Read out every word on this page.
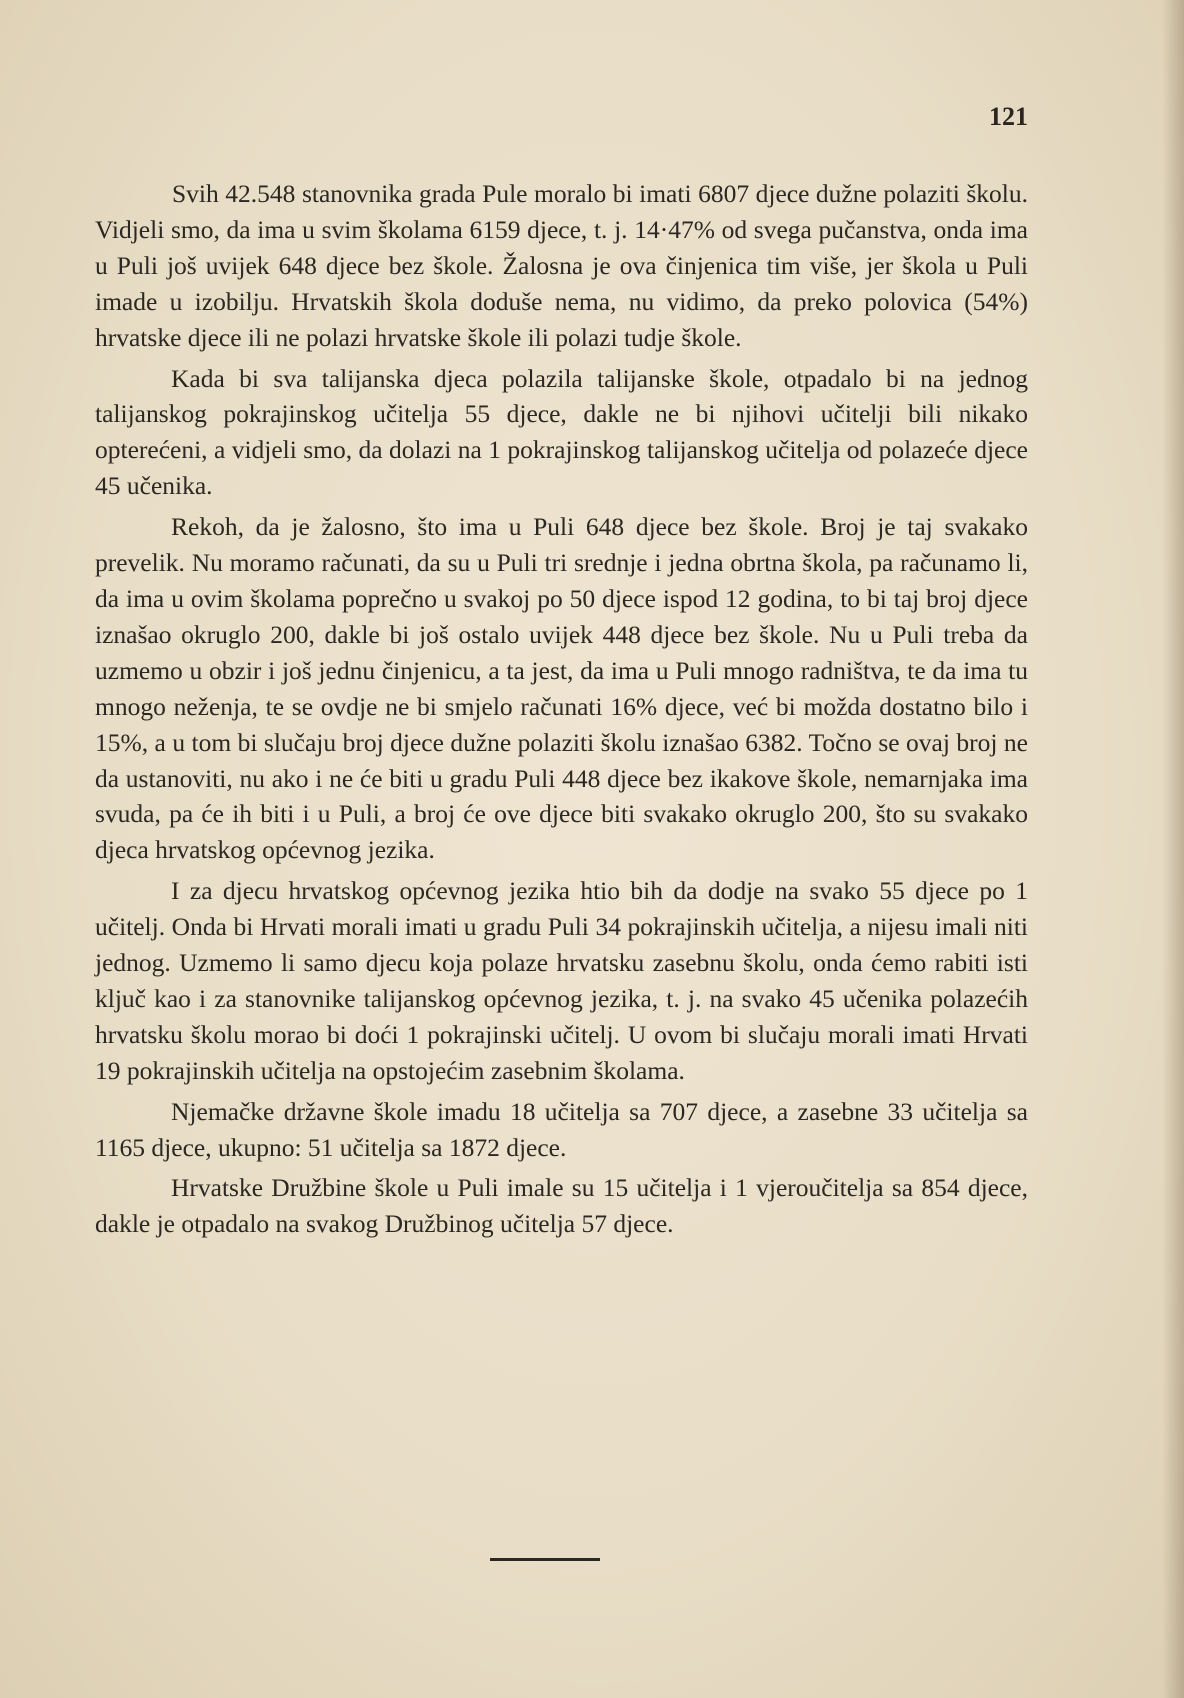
121

Svih 42.548 stanovnika grada Pule moralo bi imati 6807 djece dužne polaziti školu. Vidjeli smo, da ima u svim školama 6159 djece, t. j. 14·47% od svega pučanstva, onda ima u Puli još uvijek 648 djece bez škole. Žalosna je ova činjenica tim više, jer škola u Puli imade u izobilju. Hrvatskih škola doduše nema, nu vidimo, da preko polovica (54%) hrvatske djece ili ne polazi hrvatske škole ili polazi tudje škole.

Kada bi sva talijanska djeca polazila talijanske škole, otpadalo bi na jednog talijanskog pokrajinskog učitelja 55 djece, dakle ne bi njihovi učitelji bili nikako opterećeni, a vidjeli smo, da dolazi na 1 pokrajinskog talijanskog učitelja od polazeće djece 45 učenika.

Rekoh, da je žalosno, što ima u Puli 648 djece bez škole. Broj je taj svakako prevelik. Nu moramo računati, da su u Puli tri srednje i jedna obrtna škola, pa računamo li, da ima u ovim školama poprečno u svakoj po 50 djece ispod 12 godina, to bi taj broj djece iznašao okruglo 200, dakle bi još ostalo uvijek 448 djece bez škole. Nu u Puli treba da uzmemo u obzir i još jednu činjenicu, a ta jest, da ima u Puli mnogo radništva, te da ima tu mnogo neženja, te se ovdje ne bi smjelo računati 16% djece, već bi možda dostatno bilo i 15%, a u tom bi slučaju broj djece dužne polaziti školu iznašao 6382. Točno se ovaj broj ne da ustanoviti, nu ako i ne će biti u gradu Puli 448 djece bez ikakove škole, nemarnjaka ima svuda, pa će ih biti i u Puli, a broj će ove djece biti svakako okruglo 200, što su svakako djeca hrvatskog općevnog jezika.

I za djecu hrvatskog općevnog jezika htio bih da dodje na svako 55 djece po 1 učitelj. Onda bi Hrvati morali imati u gradu Puli 34 pokrajinskih učitelja, a nijesu imali niti jednog. Uzmemo li samo djecu koja polaze hrvatsku zasebnu školu, onda ćemo rabiti isti ključ kao i za stanovnike talijanskog općevnog jezika, t. j. na svako 45 učenika polazećih hrvatsku školu morao bi doći 1 pokrajinski učitelj. U ovom bi slučaju morali imati Hrvati 19 pokrajinskih učitelja na opstojećim zasebnim školama.

Njemačke državne škole imadu 18 učitelja sa 707 djece, a zasebne 33 učitelja sa 1165 djece, ukupno: 51 učitelja sa 1872 djece.

Hrvatske Družbine škole u Puli imale su 15 učitelja i 1 vjeroučitelja sa 854 djece, dakle je otpadalo na svakog Družbinog učitelja 57 djece.
